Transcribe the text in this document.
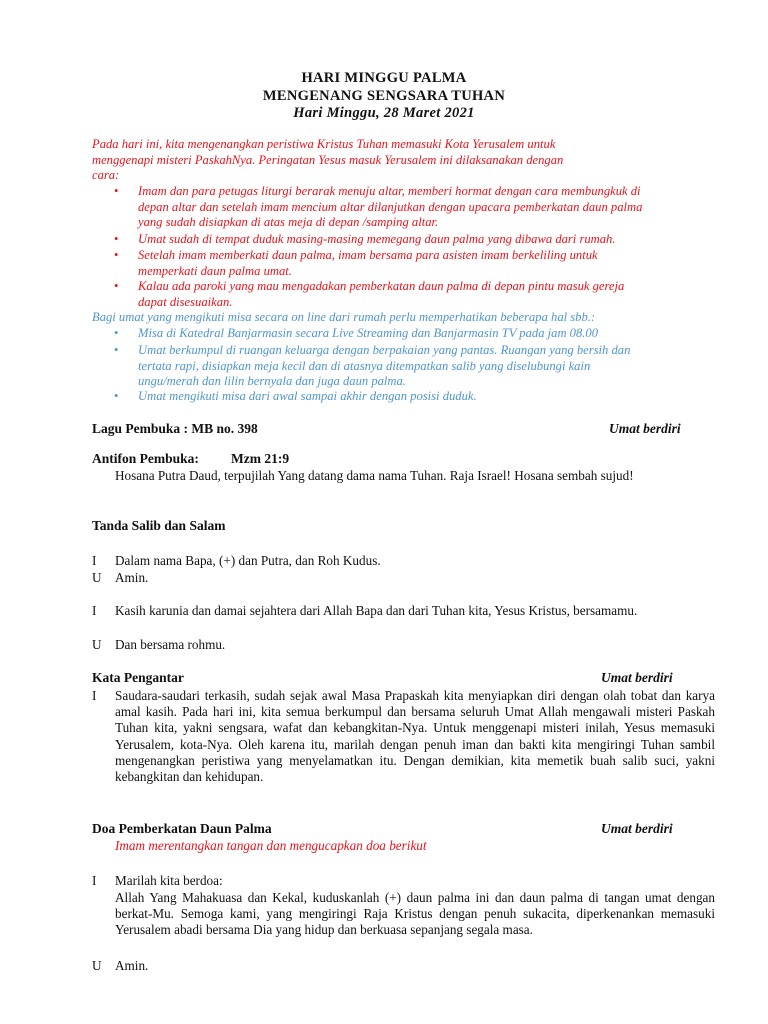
HARI MINGGU PALMA
MENGENANG SENGSARA TUHAN
Hari Minggu, 28 Maret 2021
Pada hari ini, kita mengenangkan peristiwa Kristus Tuhan memasuki Kota Yerusalem untuk
menggenapi misteri PaskahNya. Peringatan Yesus masuk Yerusalem ini dilaksanakan dengan
cara:
• Imam dan para petugas liturgi berarak menuju altar, memberi hormat dengan cara membungkuk di
depan altar dan setelah imam mencium altar dilanjutkan dengan upacara pemberkatan daun palma
yang sudah disiapkan di atas meja di depan /samping altar.
• Umat sudah di tempat duduk masing-masing memegang daun palma yang dibawa dari rumah.
• Setelah imam memberkati daun palma, imam bersama para asisten imam berkeliling untuk
memperkati daun palma umat.
• Kalau ada paroki yang mau mengadakan pemberkatan daun palma di depan pintu masuk gereja
dapat disesuaikan.
Bagi umat yang mengikuti misa secara on line dari rumah perlu memperhatikan beberapa hal sbb.:
• Misa di Katedral Banjarmasin secara Live Streaming dan Banjarmasin TV pada jam 08.00
• Umat berkumpul di ruangan keluarga dengan berpakaian yang pantas. Ruangan yang bersih dan
tertata rapi, disiapkan meja kecil dan di atasnya ditempatkan salib yang diselubungi kain
ungu/merah dan lilin bernyala dan juga daun palma.
• Umat mengikuti misa dari awal sampai akhir dengan posisi duduk.
Lagu Pembuka : MB no. 398	Umat berdiri
Antifon Pembuka: Mzm 21:9
Hosana Putra Daud, terpujilah Yang datang dama nama Tuhan. Raja Israel! Hosana sembah sujud!
Tanda Salib dan Salam
I Dalam nama Bapa, (+) dan Putra, dan Roh Kudus.
U Amin.
I Kasih karunia dan damai sejahtera dari Allah Bapa dan dari Tuhan kita, Yesus Kristus, bersamamu.
U Dan bersama rohmu.
Kata Pengantar	Umat berdiri
I Saudara-saudari terkasih, sudah sejak awal Masa Prapaskah kita menyiapkan diri dengan olah tobat dan karya amal kasih. Pada hari ini, kita semua berkumpul dan bersama seluruh Umat Allah mengawali misteri Paskah Tuhan kita, yakni sengsara, wafat dan kebangkitan-Nya. Untuk menggenapi misteri inilah, Yesus memasuki Yerusalem, kota-Nya. Oleh karena itu, marilah dengan penuh iman dan bakti kita mengiringi Tuhan sambil mengenangkan peristiwa yang menyelamatkan itu. Dengan demikian, kita memetik buah salib suci, yakni kebangkitan dan kehidupan.
Doa Pemberkatan Daun Palma	Umat berdiri
Imam merentangkan tangan dan mengucapkan doa berikut
I Marilah kita berdoa:
Allah Yang Mahakuasa dan Kekal, kuduskanlah (+) daun palma ini dan daun palma di tangan umat dengan berkat-Mu. Semoga kami, yang mengiringi Raja Kristus dengan penuh sukacita, diperkenankan memasuki Yerusalem abadi bersama Dia yang hidup dan berkuasa sepanjang segala masa.
U Amin.
